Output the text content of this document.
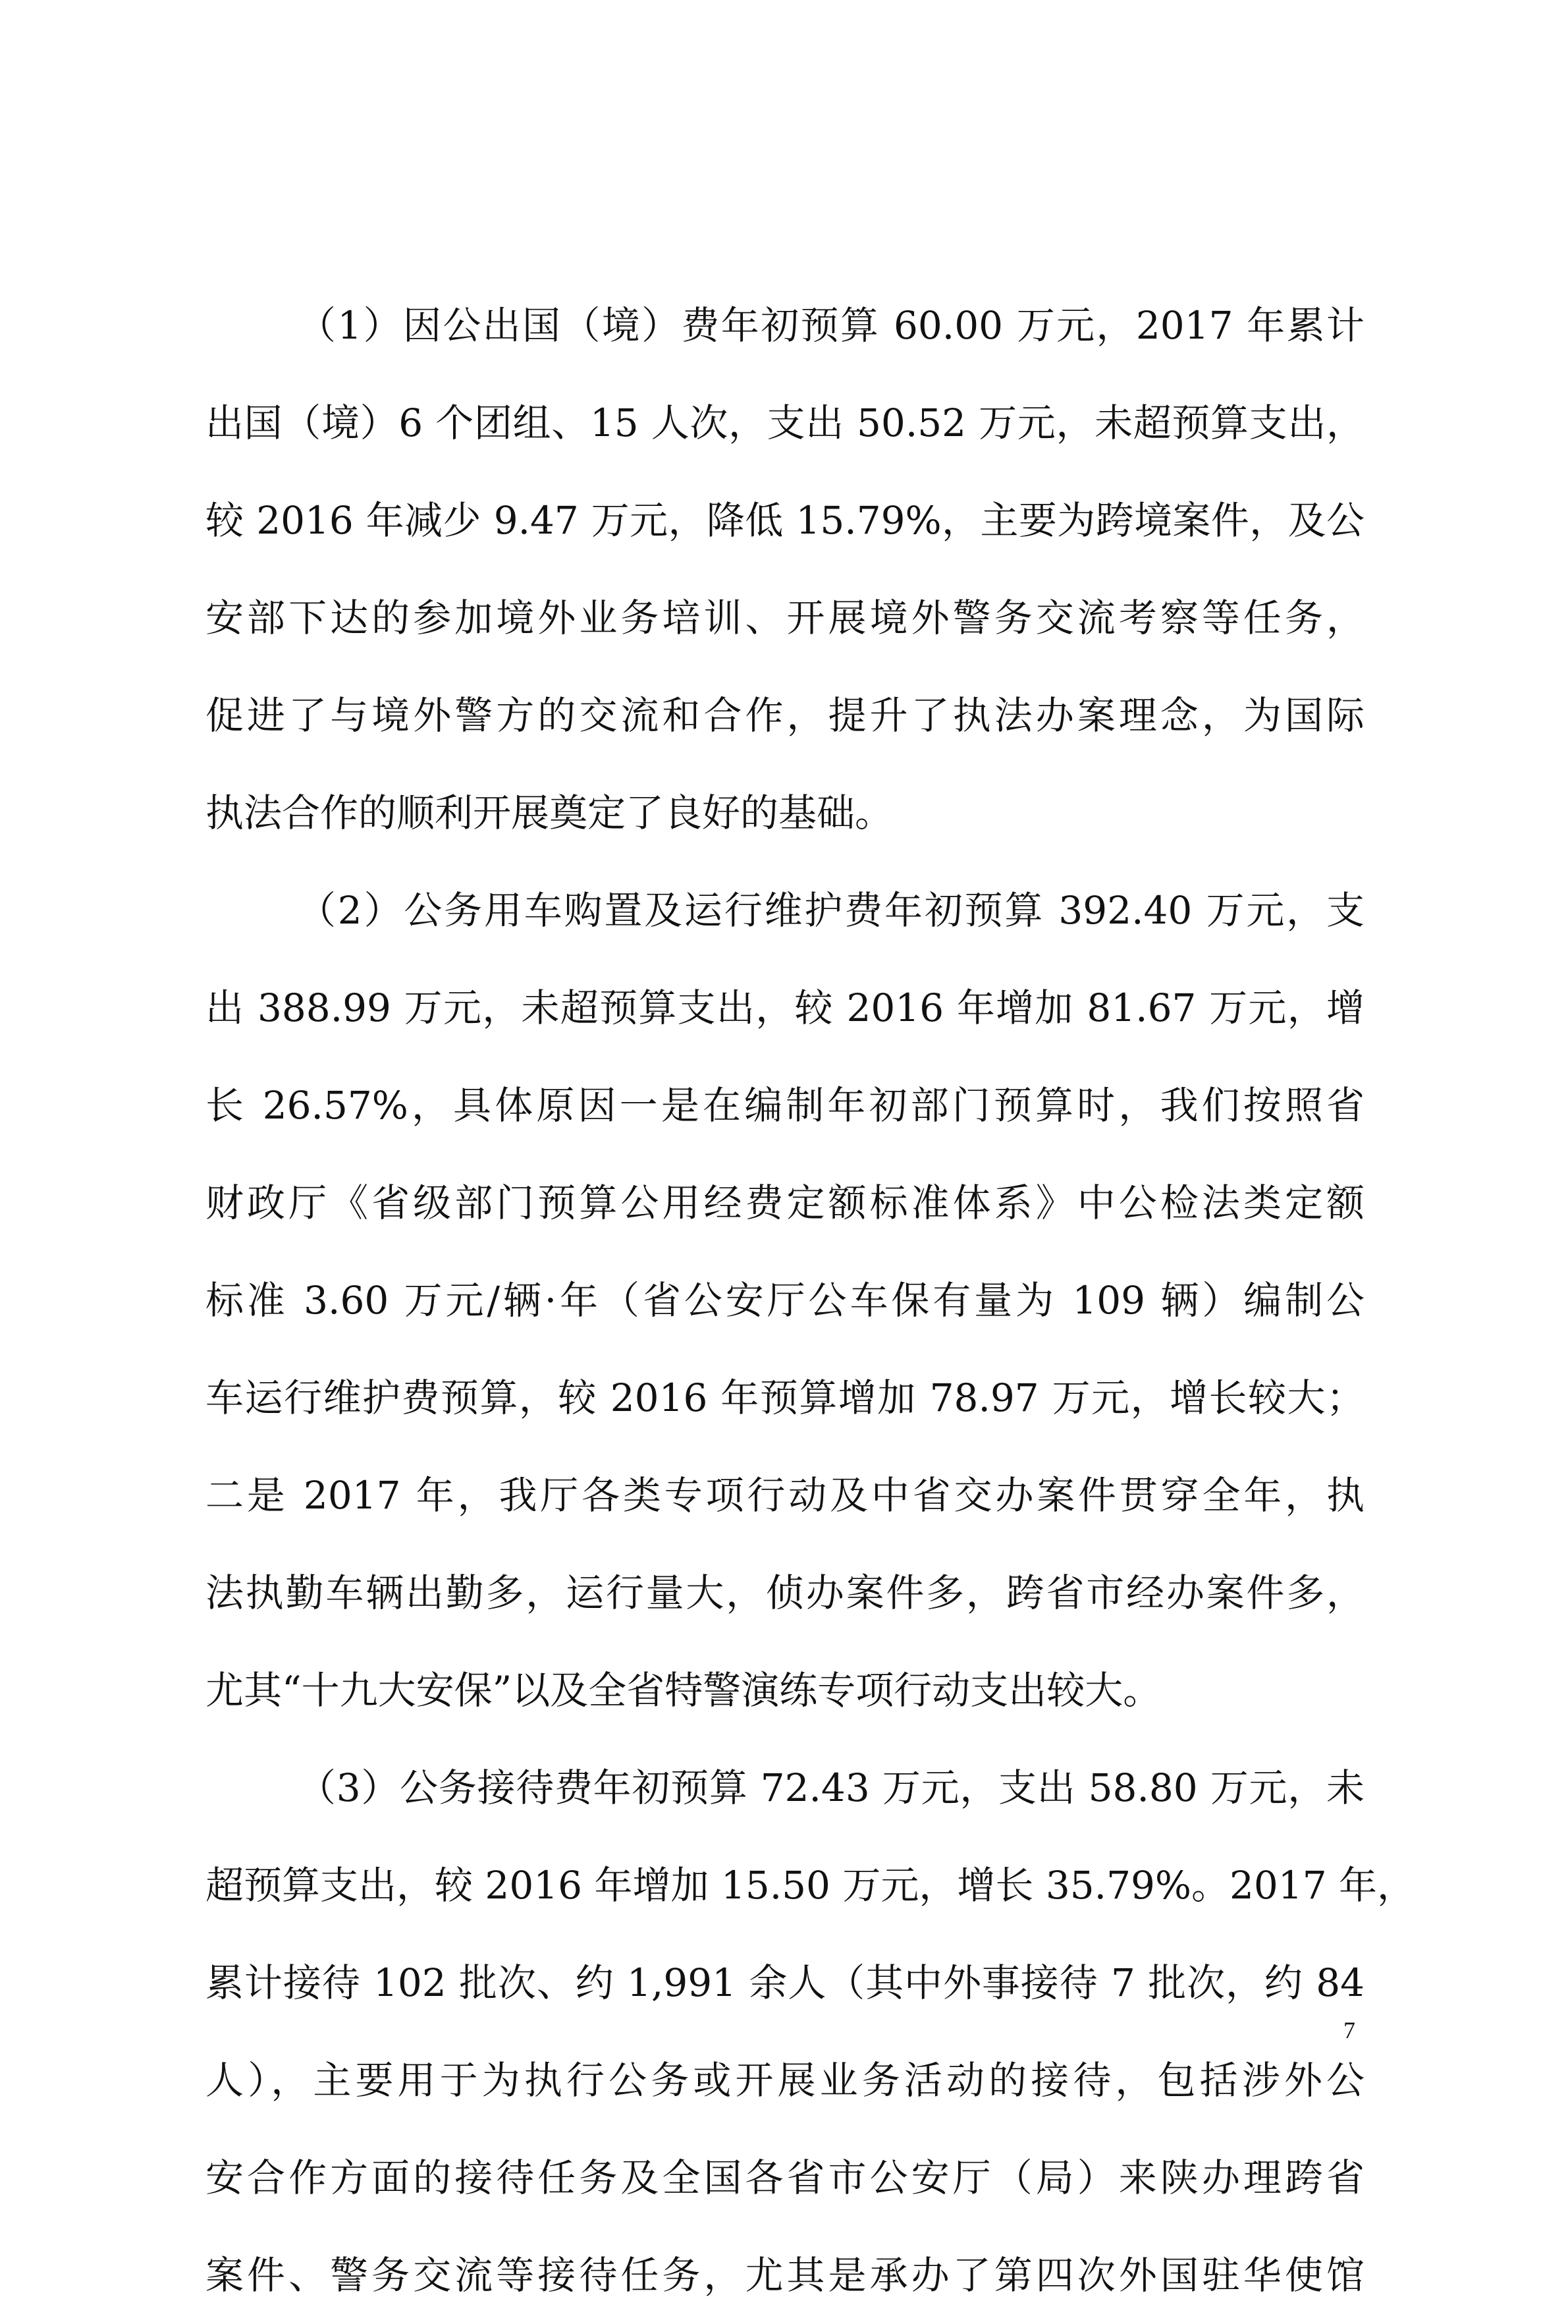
（1）因公出国（境）费年初预算 60.00 万元，2017 年累计
出国（境）6 个团组、15 人次，支出 50.52 万元，未超预算支出，
较 2016 年减少 9.47 万元，降低 15.79%，主要为跨境案件，及公
安部下达的参加境外业务培训、开展境外警务交流考察等任务，
促进了与境外警方的交流和合作，提升了执法办案理念，为国际
执法合作的顺利开展奠定了良好的基础。
（2）公务用车购置及运行维护费年初预算 392.40 万元，支
出 388.99 万元，未超预算支出，较 2016 年增加 81.67 万元，增
长 26.57%，具体原因一是在编制年初部门预算时，我们按照省
财政厅《省级部门预算公用经费定额标准体系》中公检法类定额
标准 3.60 万元/辆·年（省公安厅公车保有量为 109 辆）编制公
车运行维护费预算，较 2016 年预算增加 78.97 万元，增长较大；
二是 2017 年，我厅各类专项行动及中省交办案件贯穿全年，执
法执勤车辆出勤多，运行量大，侦办案件多，跨省市经办案件多，
尤其“十九大安保”以及全省特警演练专项行动支出较大。
（3）公务接待费年初预算 72.43 万元，支出 58.80 万元，未
超预算支出，较 2016 年增加 15.50 万元，增长 35.79%。2017 年，
累计接待 102 批次、约 1,991 余人（其中外事接待 7 批次，约 84
人），主要用于为执行公务或开展业务活动的接待，包括涉外公
安合作方面的接待任务及全国各省市公安厅（局）来陕办理跨省
案件、警务交流等接待任务，尤其是承办了第四次外国驻华使馆
7
